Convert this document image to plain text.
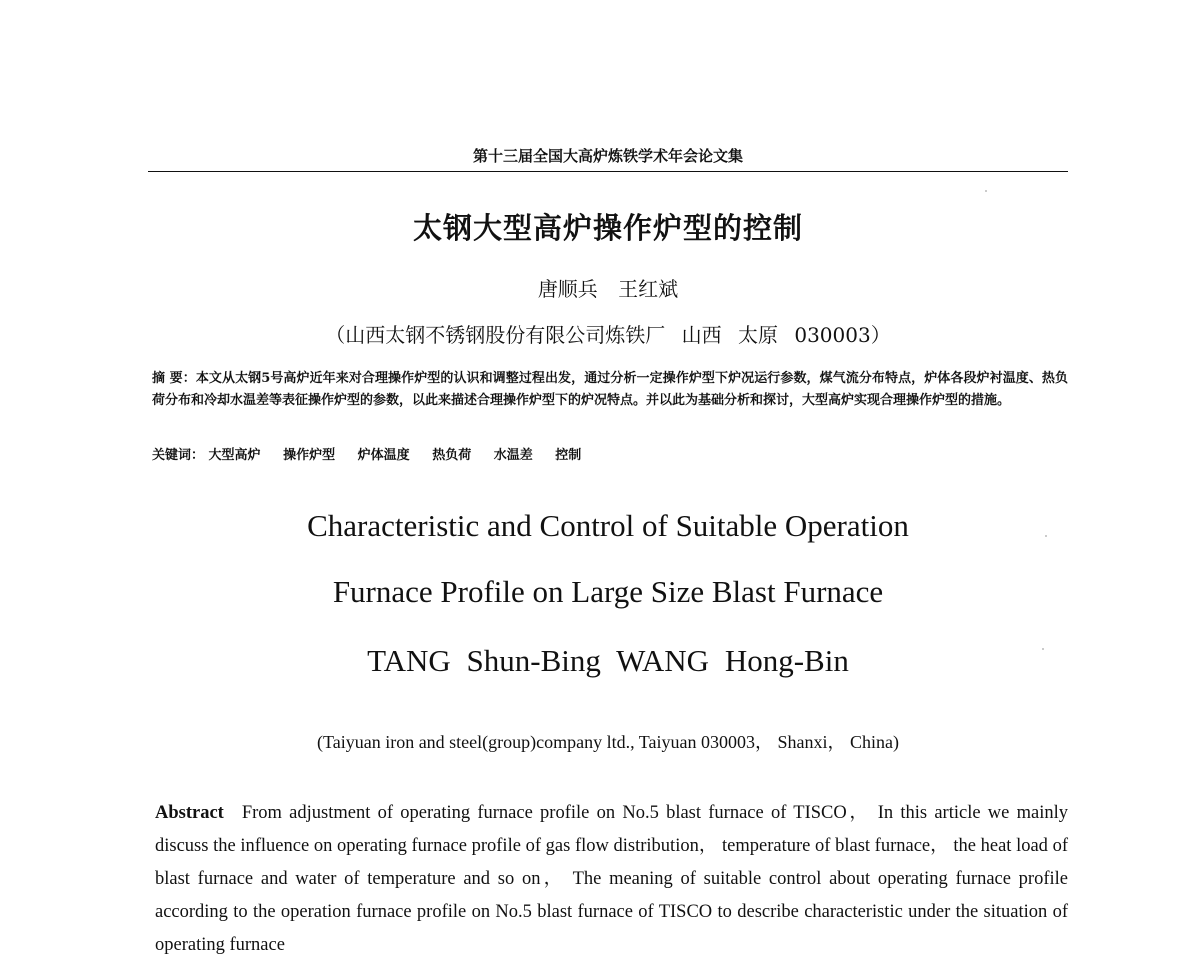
第十三届全国大高炉炼铁学术年会论文集
太钢大型高炉操作炉型的控制
唐顺兵 王红斌
（山西太钢不锈钢股份有限公司炼铁厂 山西 太原 030003）
摘 要：本文从太钢5号高炉近年来对合理操作炉型的认识和调整过程出发，通过分析一定操作炉型下炉况运行参数，煤气流分布特点，炉体各段炉衬温度、热负荷分布和冷却水温差等表征操作炉型的参数，以此来描述合理操作炉型下的炉况特点。并以此为基础分析和探讨，大型高炉实现合理操作炉型的措施。
关键词： 大型高炉 操作炉型 炉体温度 热负荷 水温差 控制
Characteristic and Control of Suitable Operation
Furnace Profile on Large Size Blast Furnace
TANG Shun-Bing WANG Hong-Bin
(Taiyuan iron and steel(group)company ltd., Taiyuan 030003， Shanxi， China)
Abstract From adjustment of operating furnace profile on No.5 blast furnace of TISCO， In this article we mainly discuss the influence on operating furnace profile of gas flow distribution， temperature of blast furnace， the heat load of blast furnace and water of temperature and so on， The meaning of suitable control about operating furnace profile according to the operation furnace profile on No.5 blast furnace of TISCO to describe characteristic under the situation of operating furnace
